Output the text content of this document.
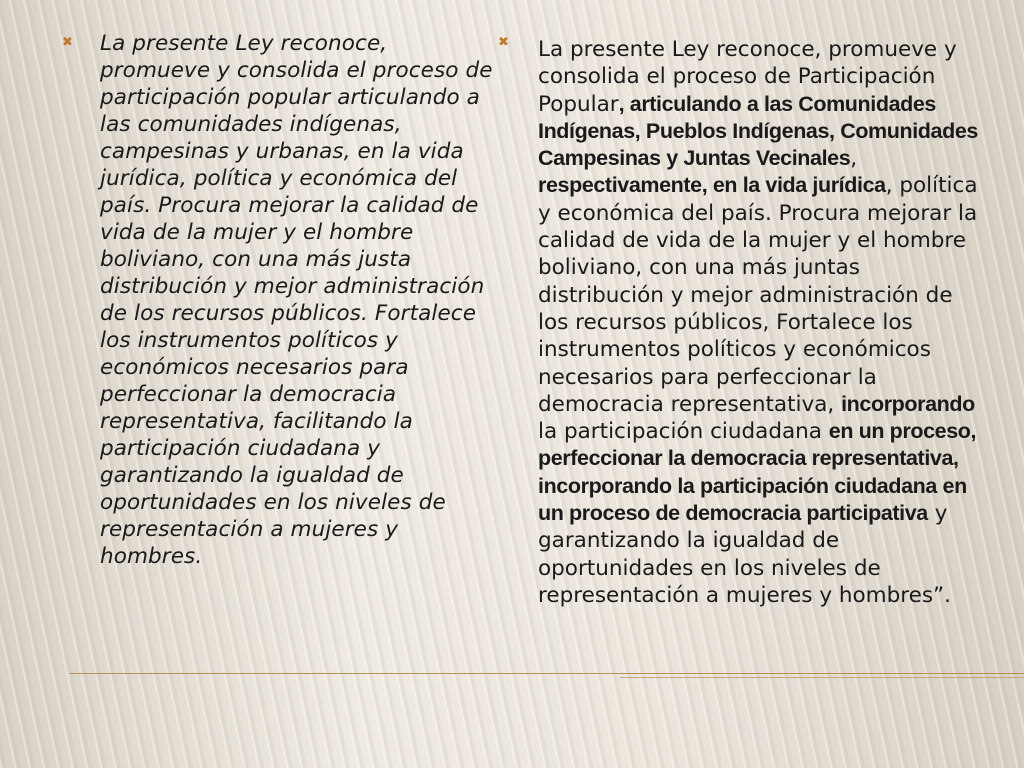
✖ La presente Ley reconoce, promueve y consolida el proceso de participación popular articulando a las comunidades indígenas, campesinas y urbanas, en la vida jurídica, política y económica del país. Procura mejorar la calidad de vida de la mujer y el hombre boliviano, con una más justa distribución y mejor administración de los recursos públicos. Fortalece los instrumentos políticos y económicos necesarios para perfeccionar la democracia representativa, facilitando la participación ciudadana y garantizando la igualdad de oportunidades en los niveles de representación a mujeres y hombres.
✖ La presente Ley reconoce, promueve y consolida el proceso de Participación Popular, articulando a las Comunidades Indígenas, Pueblos Indígenas, Comunidades Campesinas y Juntas Vecinales, respectivamente, en la vida jurídica, política y económica del país. Procura mejorar la calidad de vida de la mujer y el hombre boliviano, con una más juntas distribución y mejor administración de los recursos públicos, Fortalece los instrumentos políticos y económicos necesarios para perfeccionar la democracia representativa, incorporando la participación ciudadana en un proceso, perfeccionar la democracia representativa, incorporando la participación ciudadana en un proceso de democracia participativa y garantizando la igualdad de oportunidades en los niveles de representación a mujeres y hombres”.
